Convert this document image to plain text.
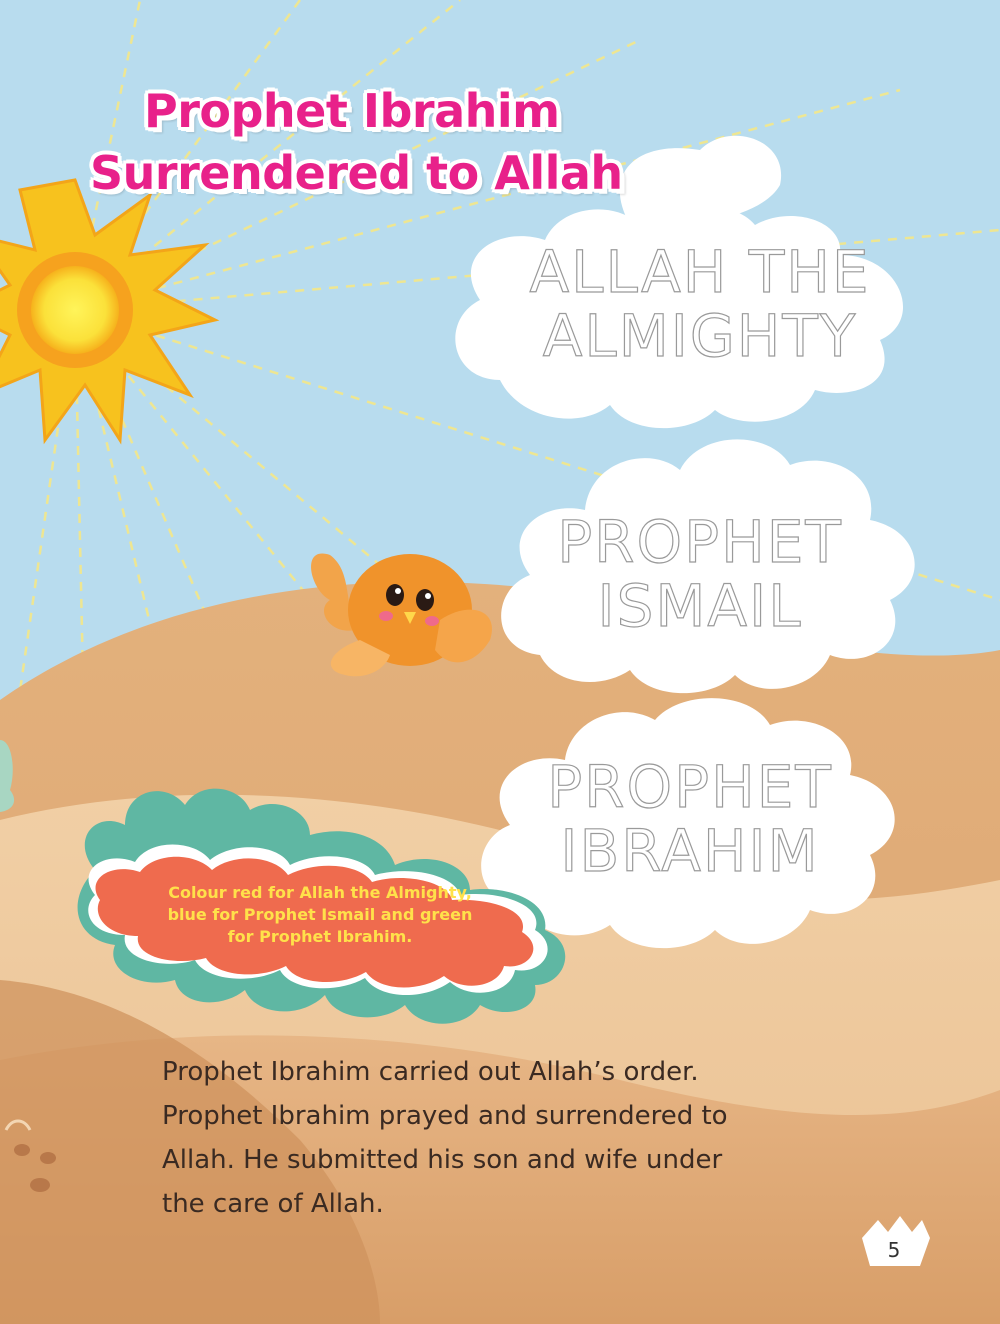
Prophet Ibrahim
Surrendered to Allah
ALLAH THE
ALMIGHTY
PROPHET
ISMAIL
PROPHET
IBRAHIM
Colour red for Allah the Almighty,
blue for Prophet Ismail and green
for Prophet Ibrahim.
Prophet Ibrahim carried out Allah’s order.
Prophet Ibrahim prayed and surrendered to
Allah. He submitted his son and wife under
the care of Allah.
5
